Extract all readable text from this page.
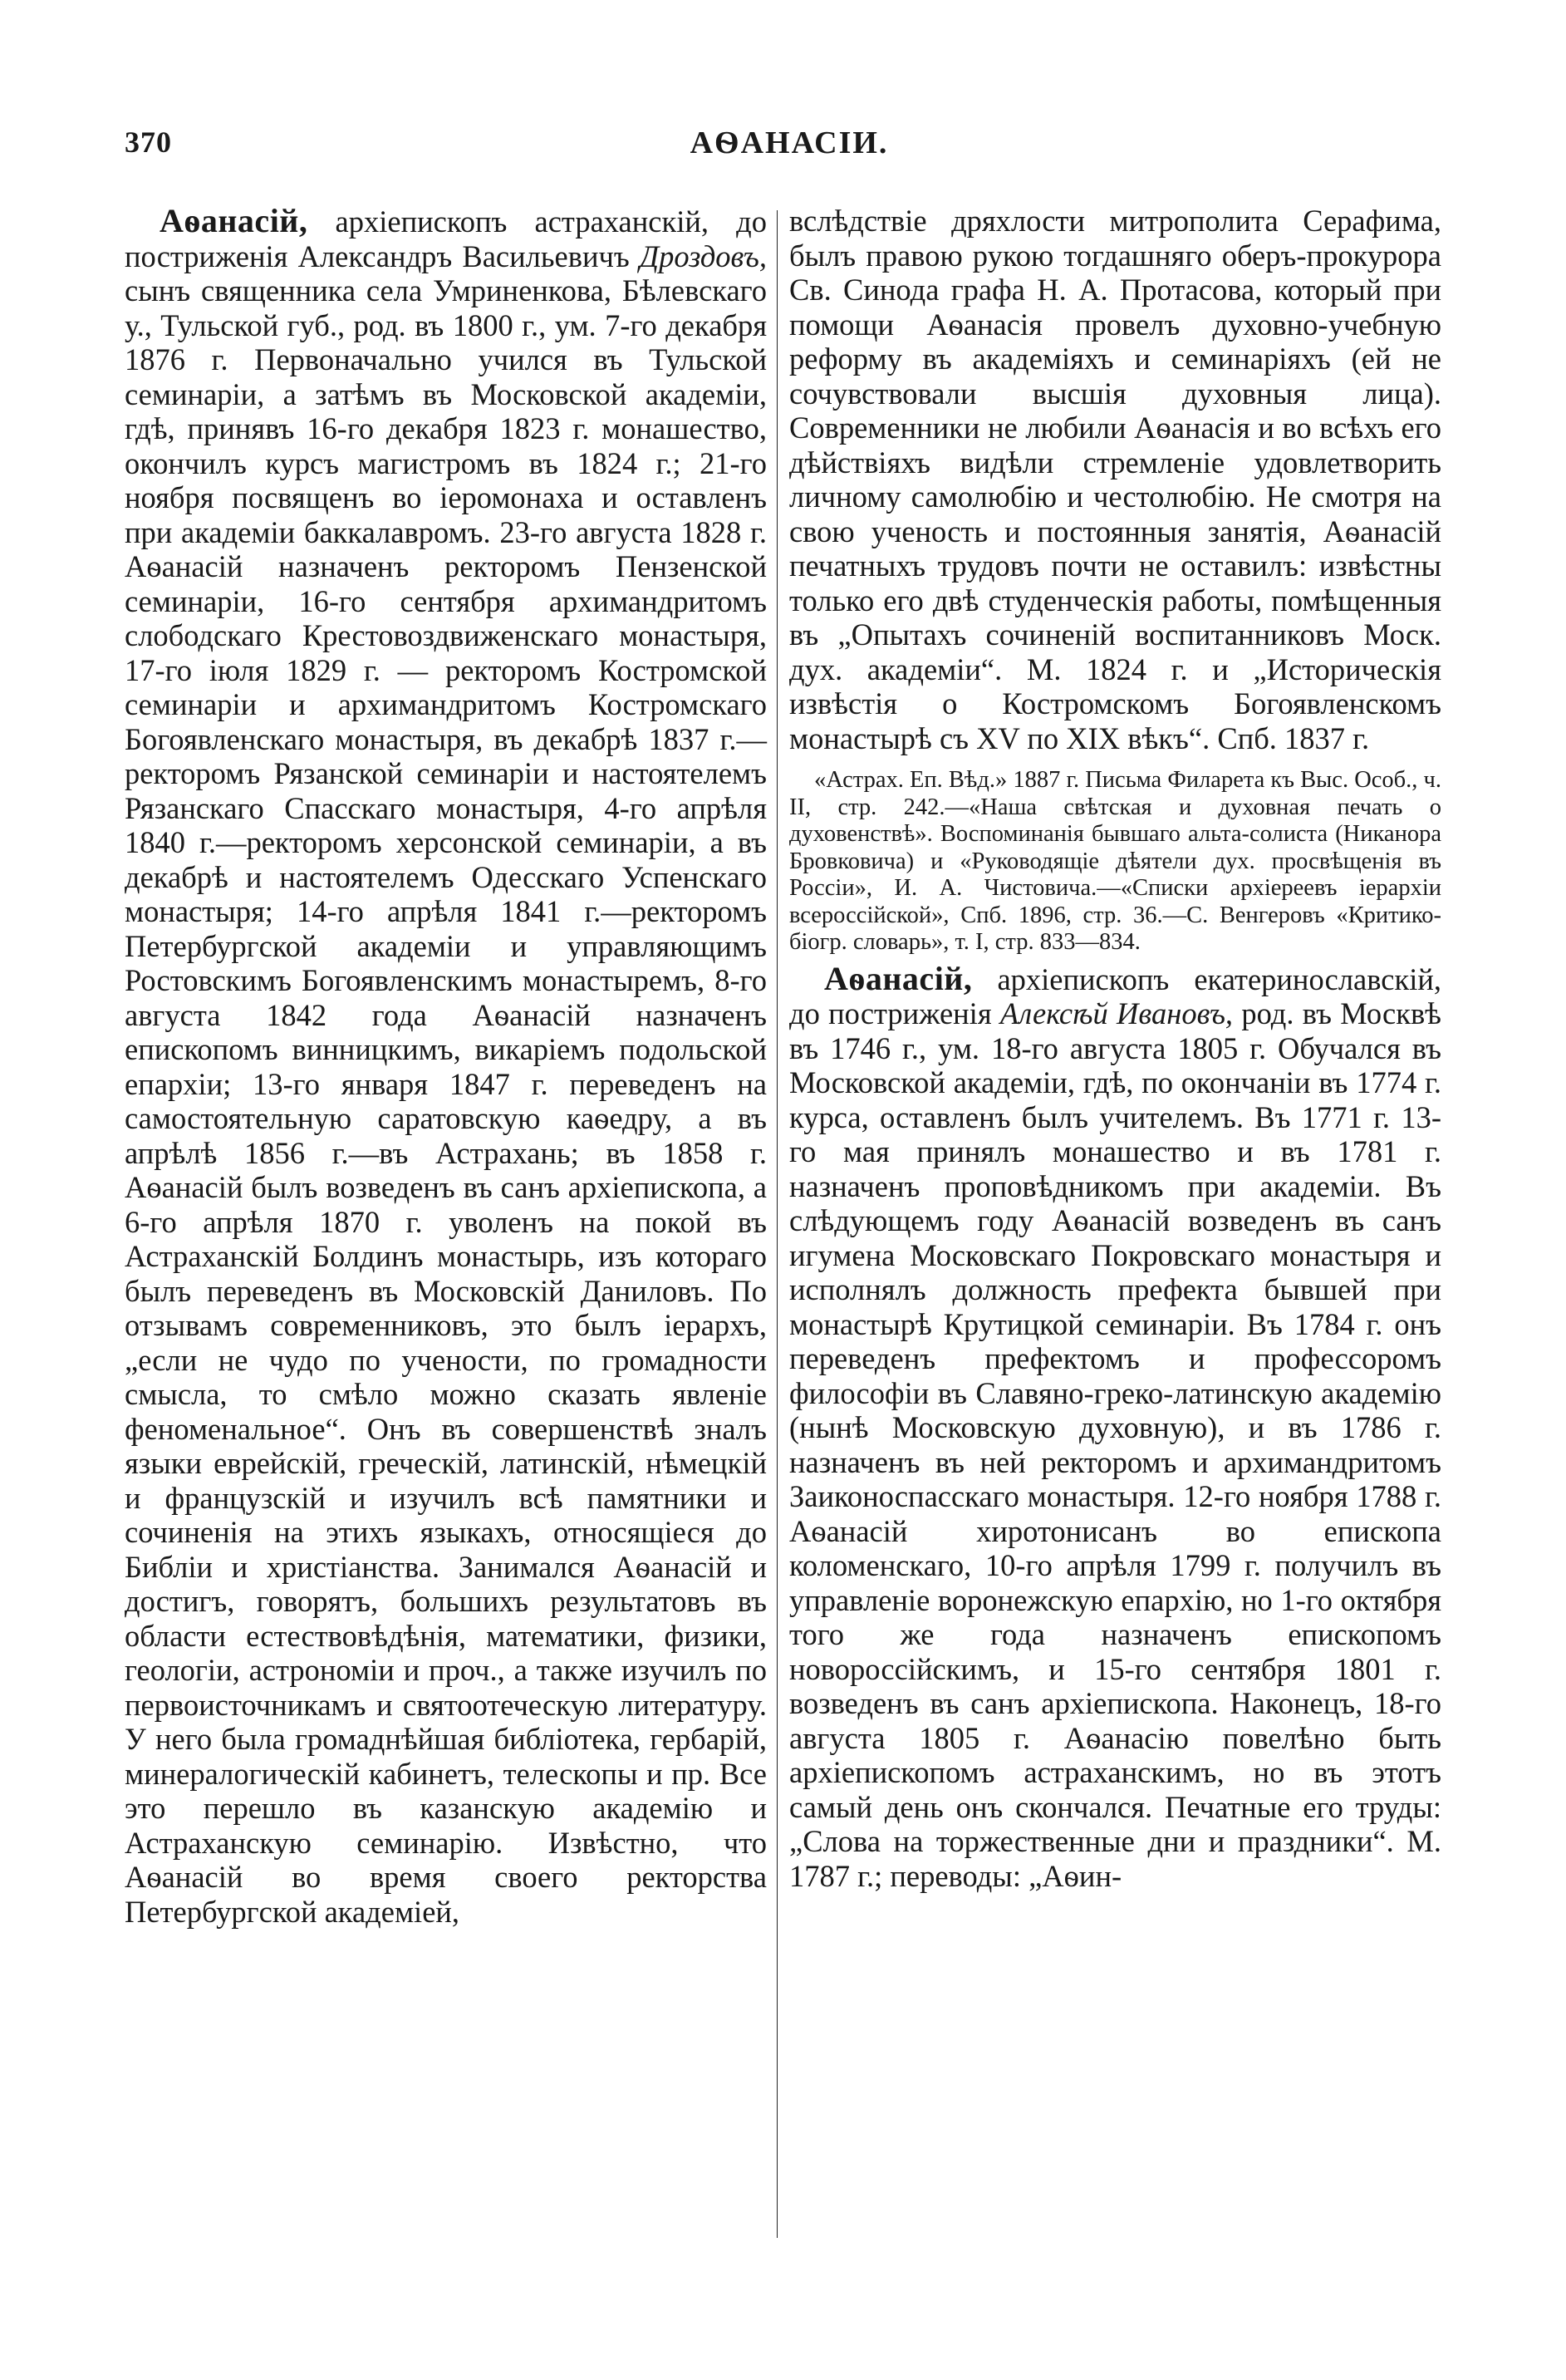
370	АѲАНАСІИ.

Аѳанасій, архіепископъ астраханскій, до постриженія Александръ Васильевичъ Дроздовъ, сынъ священника села Умриненкова, Бѣлевскаго у., Тульской губ., род. въ 1800 г., ум. 7-го декабря 1876 г. Первоначально учился въ Тульской семинаріи, а затѣмъ въ Московской академіи, гдѣ, принявъ 16-го декабря 1823 г. монашество, окончилъ курсъ магистромъ въ 1824 г.; 21-го ноября посвященъ во іеромонаха и оставленъ при академіи баккалавромъ. 23-го августа 1828 г. Аѳанасій назначенъ ректоромъ Пензенской семинаріи, 16-го сентября архимандритомъ слободскаго Крестовоздвиженскаго монастыря, 17-го іюля 1829 г. — ректоромъ Костромской семинаріи и архимандритомъ Костромскаго Богоявленскаго монастыря, въ декабрѣ 1837 г.—ректоромъ Рязанской семинаріи и настоятелемъ Рязанскаго Спасскаго монастыря, 4-го апрѣля 1840 г.—ректоромъ херсонской семинаріи, а въ декабрѣ и настоятелемъ Одесскаго Успенскаго монастыря; 14-го апрѣля 1841 г.—ректоромъ Петербургской академіи и управляющимъ Ростовскимъ Богоявленскимъ монастыремъ, 8-го августа 1842 года Аѳанасій назначенъ епископомъ винницкимъ, викаріемъ подольской епархіи; 13-го января 1847 г. переведенъ на самостоятельную саратовскую каѳедру, а въ апрѣлѣ 1856 г.—въ Астрахань; въ 1858 г. Аѳанасій былъ возведенъ въ санъ архіепископа, а 6-го апрѣля 1870 г. уволенъ на покой въ Астраханскій Болдинъ монастырь, изъ котораго былъ переведенъ въ Московскій Даниловъ. По отзывамъ современниковъ, это былъ іерархъ, „если не чудо по учености, по громадности смысла, то смѣло можно сказать явленіе феноменальное“. Онъ въ совершенствѣ зналъ языки еврейскій, греческій, латинскій, нѣмецкій и французскій и изучилъ всѣ памятники и сочиненія на этихъ языкахъ, относящіеся до Библіи и христіанства. Занимался Аѳанасій и достигъ, говорятъ, большихъ результатовъ въ области естествовѣдѣнія, математики, физики, геологіи, астрономіи и проч., а также изучилъ по первоисточникамъ и святоотеческую литературу. У него была громаднѣйшая библіотека, гербарій, минералогическій кабинетъ, телескопы и пр. Все это перешло въ казанскую академію и Астраханскую семинарію. Извѣстно, что Аѳанасій во время своего ректорства Петербургской академіей,

вслѣдствіе дряхлости митрополита Серафима, былъ правою рукою тогдашняго оберъ-прокурора Св. Синода графа Н. А. Протасова, который при помощи Аѳанасія провелъ духовно-учебную реформу въ академіяхъ и семинаріяхъ (ей не сочувствовали высшія духовныя лица). Современники не любили Аѳанасія и во всѣхъ его дѣйствіяхъ видѣли стремленіе удовлетворить личному самолюбію и честолюбію. Не смотря на свою ученость и постоянныя занятія, Аѳанасій печатныхъ трудовъ почти не оставилъ: извѣстны только его двѣ студенческія работы, помѣщенныя въ „Опытахъ сочиненій воспитанниковъ Моск. дух. академіи“. М. 1824 г. и „Историческія извѣстія о Костромскомъ Богоявленскомъ монастырѣ съ XV по XIX вѣкъ“. Спб. 1837 г.

«Астрах. Еп. Вѣд.» 1887 г. Письма Филарета къ Выс. Особ., ч. II, стр. 242.—«Наша свѣтская и духовная печать о духовенствѣ». Воспоминанія бывшаго альта-солиста (Никанора Бровковича) и «Руководящіе дѣятели дух. просвѣщенія въ Россіи», И. А. Чистовича.—«Списки архіереевъ іерархіи всероссійской», Спб. 1896, стр. 36.—С. Венгеровъ «Критико-біогр. словарь», т. I, стр. 833—834.

Аѳанасій, архіепископъ екатеринославскій, до постриженія Алексѣй Ивановъ, род. въ Москвѣ въ 1746 г., ум. 18-го августа 1805 г. Обучался въ Московской академіи, гдѣ, по окончаніи въ 1774 г. курса, оставленъ былъ учителемъ. Въ 1771 г. 13-го мая принялъ монашество и въ 1781 г. назначенъ проповѣдникомъ при академіи. Въ слѣдующемъ году Аѳанасій возведенъ въ санъ игумена Московскаго Покровскаго монастыря и исполнялъ должность префекта бывшей при монастырѣ Крутицкой семинаріи. Въ 1784 г. онъ переведенъ префектомъ и профессоромъ философіи въ Славяно-греко-латинскую академію (нынѣ Московскую духовную), и въ 1786 г. назначенъ въ ней ректоромъ и архимандритомъ Заиконоспасскаго монастыря. 12-го ноября 1788 г. Аѳанасій хиротонисанъ во епископа коломенскаго, 10-го апрѣля 1799 г. получилъ въ управленіе воронежскую епархію, но 1-го октября того же года назначенъ епископомъ новороссійскимъ, и 15-го сентября 1801 г. возведенъ въ санъ архіепископа. Наконецъ, 18-го августа 1805 г. Аѳанасію повелѣно быть архіепископомъ астраханскимъ, но въ этотъ самый день онъ скончался. Печатные его труды: „Слова на торжественные дни и праздники“. М. 1787 г.; переводы: „Аѳин-
